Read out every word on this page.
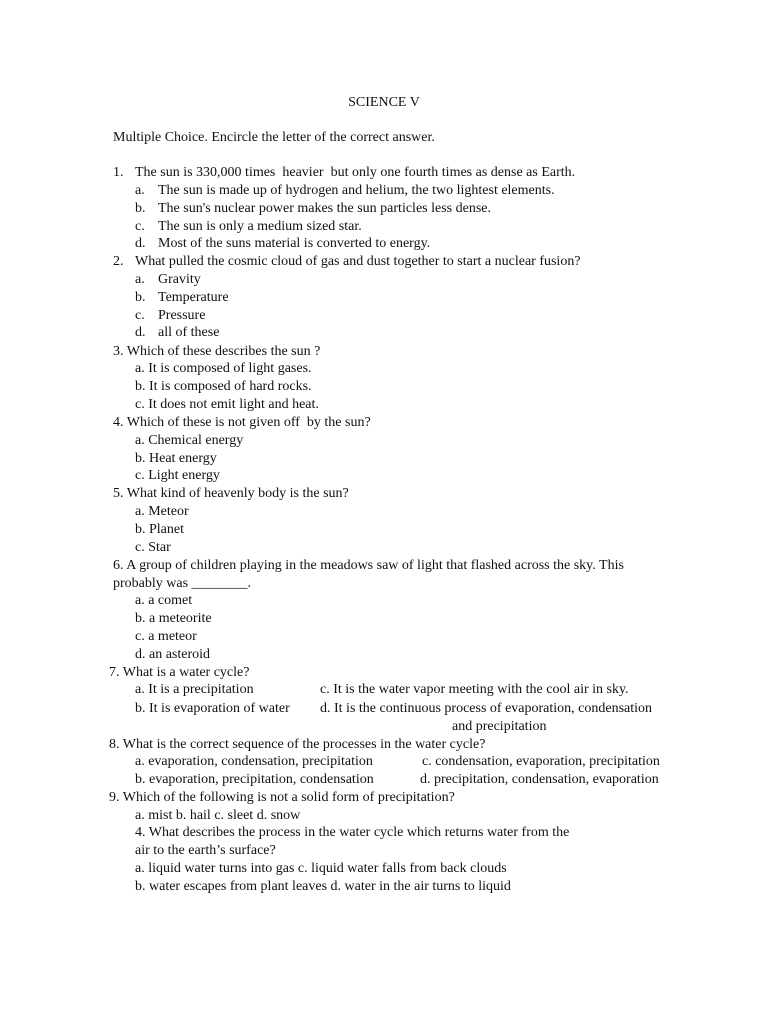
SCIENCE V
Multiple Choice. Encircle the letter of the correct answer.
1. The sun is 330,000 times  heavier  but only one fourth times as dense as Earth.
a. The sun is made up of hydrogen and helium, the two lightest elements.
b. The sun's nuclear power makes the sun particles less dense.
c. The sun is only a medium sized star.
d. Most of the suns material is converted to energy.
2. What pulled the cosmic cloud of gas and dust together to start a nuclear fusion?
a. Gravity
b. Temperature
c. Pressure
d. all of these
3. Which of these describes the sun ?
a. It is composed of light gases.
b. It is composed of hard rocks.
c. It does not emit light and heat.
4. Which of these is not given off  by the sun?
a. Chemical energy
b. Heat energy
c. Light energy
5. What kind of heavenly body is the sun?
a. Meteor
b. Planet
c. Star
6. A group of children playing in the meadows saw of light that flashed across the sky. This
probably was ________.
a. a comet
b. a meteorite
c. a meteor
d. an asteroid
7. What is a water cycle?
a. It is a precipitation	c. It is the water vapor meeting with the cool air in sky.
b. It is evaporation of water d. It is the continuous process of evaporation, condensation
and precipitation
8. What is the correct sequence of the processes in the water cycle?
a. evaporation, condensation, precipitation	c. condensation, evaporation, precipitation
b. evaporation, precipitation, condensation	d. precipitation, condensation, evaporation
9. Which of the following is not a solid form of precipitation?
a. mist b. hail c. sleet d. snow
4. What describes the process in the water cycle which returns water from the
air to the earth’s surface?
a. liquid water turns into gas c. liquid water falls from back clouds
b. water escapes from plant leaves d. water in the air turns to liquid
